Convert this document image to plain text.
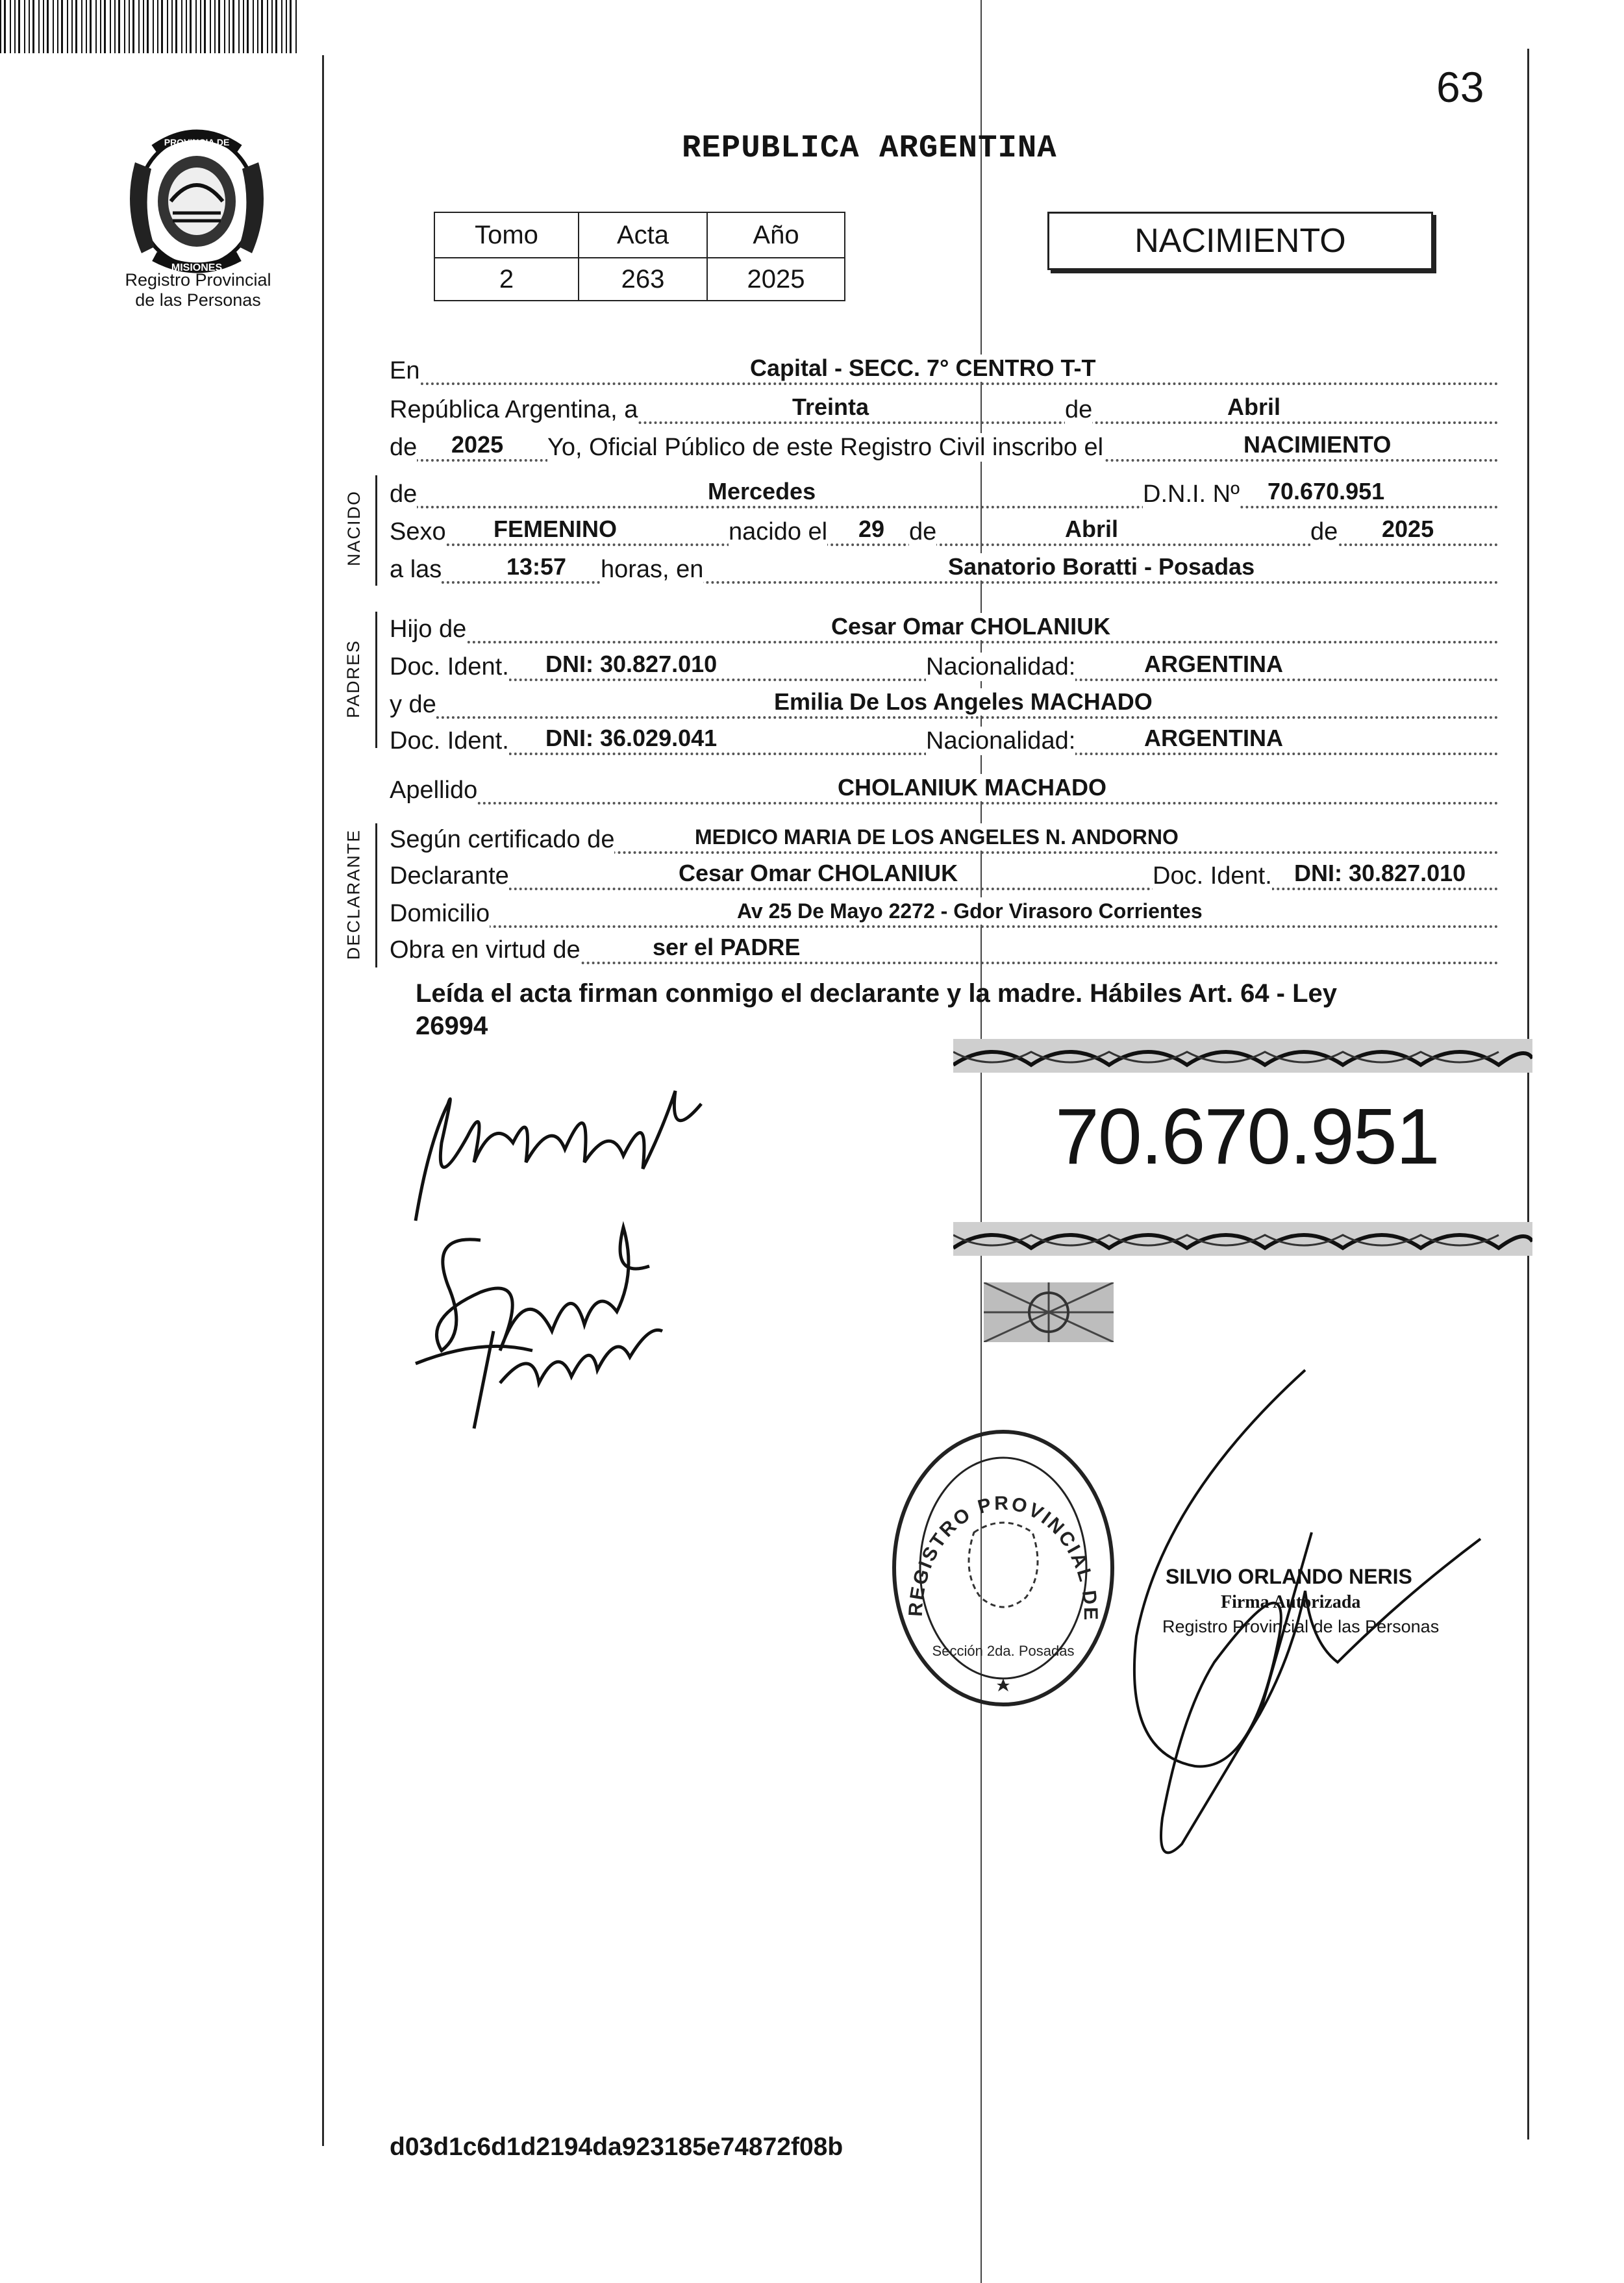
63
PROVINCIA DE
MISIONES
Registro Provincial
de las Personas
REPUBLICA ARGENTINA
Tomo	Acta	Año
2	263	2025
NACIMIENTO
En	Capital - SECC. 7° CENTRO T-T
República Argentina, a	Treinta	de	Abril
de 2025 Yo, Oficial Público de este Registro Civil inscribo el	NACIMIENTO
NACIDO de	Mercedes	D.N.I. Nº 70.670.951
Sexo FEMENINO	nacido el 29 de	Abril	de 2025
a las	13:57 horas, en	Sanatorio Boratti - Posadas
PADRES
Hijo de	Cesar Omar CHOLANIUK
Doc. Ident. DNI: 30.827.010	Nacionalidad:	ARGENTINA
y de	Emilia De Los Angeles MACHADO
Doc. Ident. DNI: 36.029.041	Nacionalidad:	ARGENTINA
Apellido	CHOLANIUK MACHADO
DECLARANTE Según certificado de	MEDICO MARIA DE LOS ANGELES N. ANDORNO
Declarante	Cesar Omar CHOLANIUK	Doc. Ident. DNI: 30.827.010
Domicilio	Av 25 De Mayo 2272 - Gdor Virasoro Corrientes
Obra en virtud de	ser el PADRE
Leída el acta firman conmigo el declarante y la madre. Hábiles Art. 64 - Ley
26994
70.670.951
REGISTRO PROVINCIAL DE LAS PERSONAS
Sección 2da. Posadas
SILVIO ORLANDO NERIS
Firma Autorizada
Registro Provincial de las Personas
d03d1c6d1d2194da923185e74872f08b
